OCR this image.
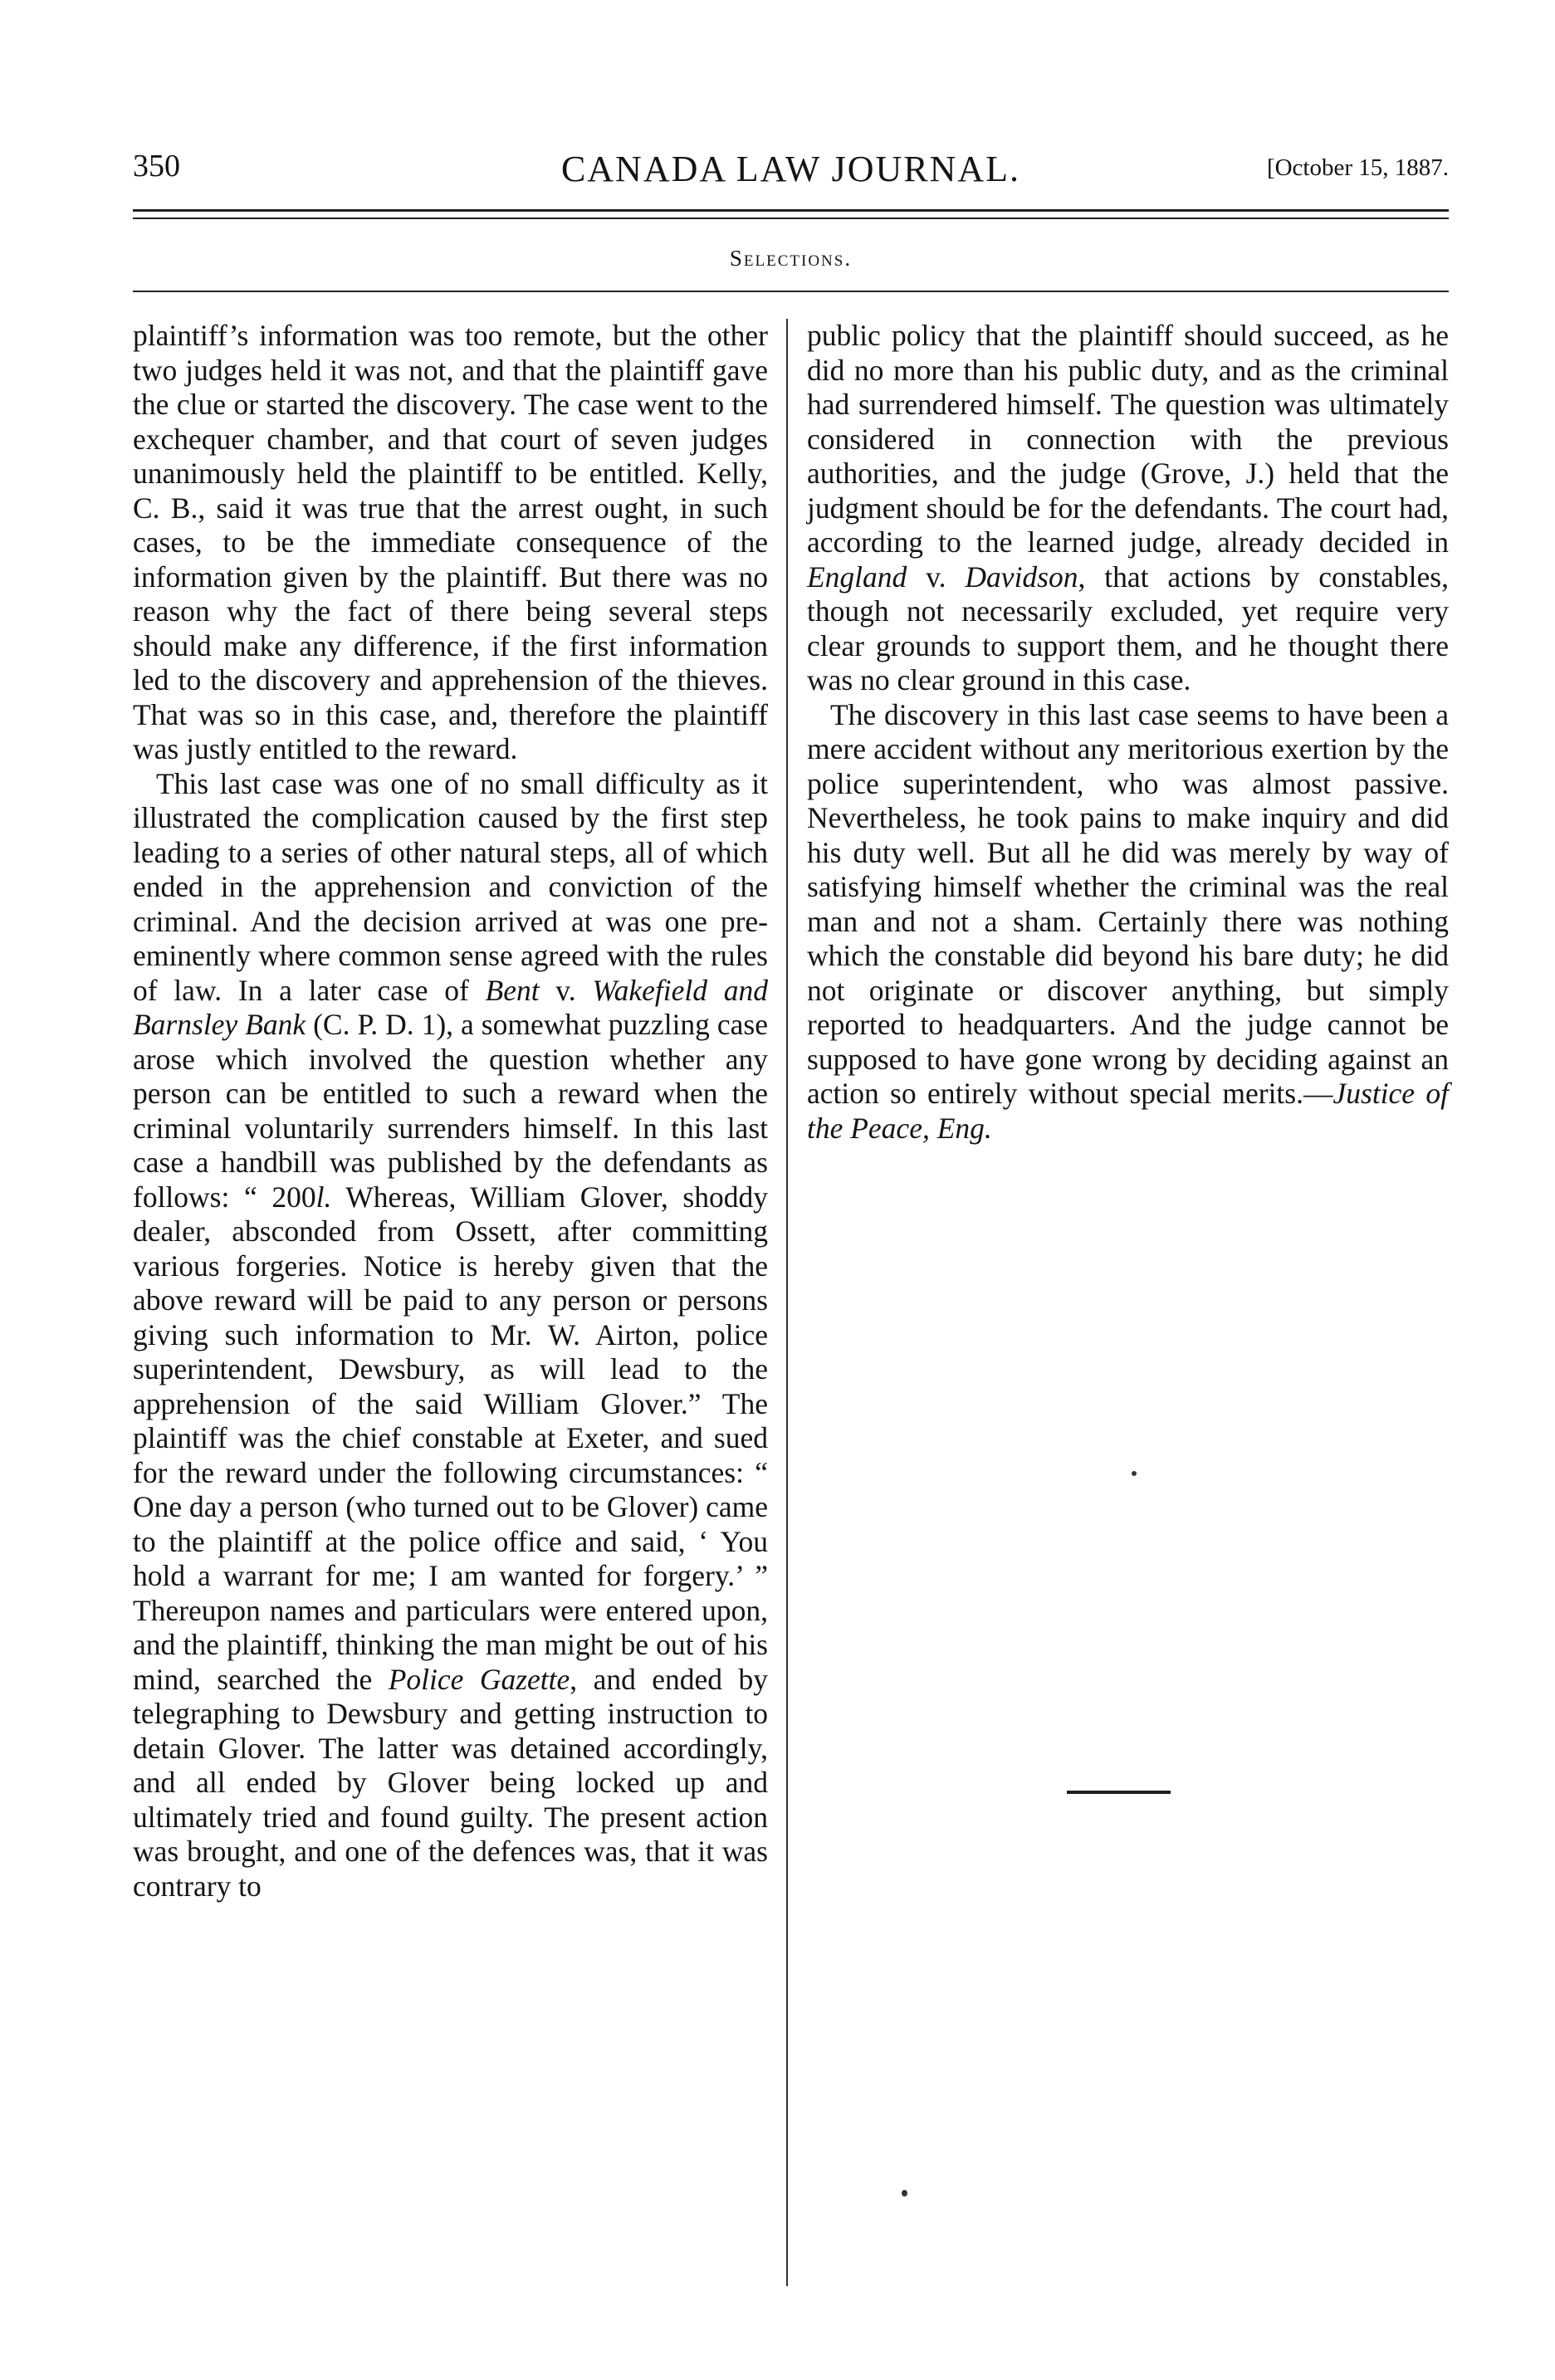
350	CANADA LAW JOURNAL.	[October 15, 1887.
Selections.

plaintiff’s information was too remote, but the other two judges held it was not, and that the plaintiff gave the clue or started the discovery. The case went to the exchequer chamber, and that court of seven judges unanimously held the plaintiff to be entitled. Kelly, C. B., said it was true that the arrest ought, in such cases, to be the immediate consequence of the information given by the plaintiff. But there was no reason why the fact of there being several steps should make any difference, if the first information led to the discovery and apprehension of the thieves. That was so in this case, and, therefore the plaintiff was justly entitled to the reward.

This last case was one of no small difficulty as it illustrated the complication caused by the first step leading to a series of other natural steps, all of which ended in the apprehension and conviction of the criminal. And the decision arrived at was one pre-eminently where common sense agreed with the rules of law. In a later case of Bent v. Wakefield and Barnsley Bank (C. P. D. 1), a somewhat puzzling case arose which involved the question whether any person can be entitled to such a reward when the criminal voluntarily surrenders himself. In this last case a handbill was published by the defendants as follows: “ 200l. Whereas, William Glover, shoddy dealer, absconded from Ossett, after committing various forgeries. Notice is hereby given that the above reward will be paid to any person or persons giving such information to Mr. W. Airton, police superintendent, Dewsbury, as will lead to the apprehension of the said William Glover.” The plaintiff was the chief constable at Exeter, and sued for the reward under the following circumstances: “ One day a person (who turned out to be Glover) came to the plaintiff at the police office and said, ‘ You hold a warrant for me; I am wanted for forgery.’ ” Thereupon names and particulars were entered upon, and the plaintiff, thinking the man might be out of his mind, searched the Police Gazette, and ended by telegraphing to Dewsbury and getting instruction to detain Glover. The latter was detained accordingly, and all ended by Glover being locked up and ultimately tried and found guilty. The present action was brought, and one of the defences was, that it was contrary to

public policy that the plaintiff should succeed, as he did no more than his public duty, and as the criminal had surrendered himself. The question was ultimately considered in connection with the previous authorities, and the judge (Grove, J.) held that the judgment should be for the defendants. The court had, according to the learned judge, already decided in England v. Davidson, that actions by constables, though not necessarily excluded, yet require very clear grounds to support them, and he thought there was no clear ground in this case.

The discovery in this last case seems to have been a mere accident without any meritorious exertion by the police superintendent, who was almost passive. Nevertheless, he took pains to make inquiry and did his duty well. But all he did was merely by way of satisfying himself whether the criminal was the real man and not a sham. Certainly there was nothing which the constable did beyond his bare duty; he did not originate or discover anything, but simply reported to headquarters. And the judge cannot be supposed to have gone wrong by deciding against an action so entirely without special merits.—Justice of the Peace, Eng.
